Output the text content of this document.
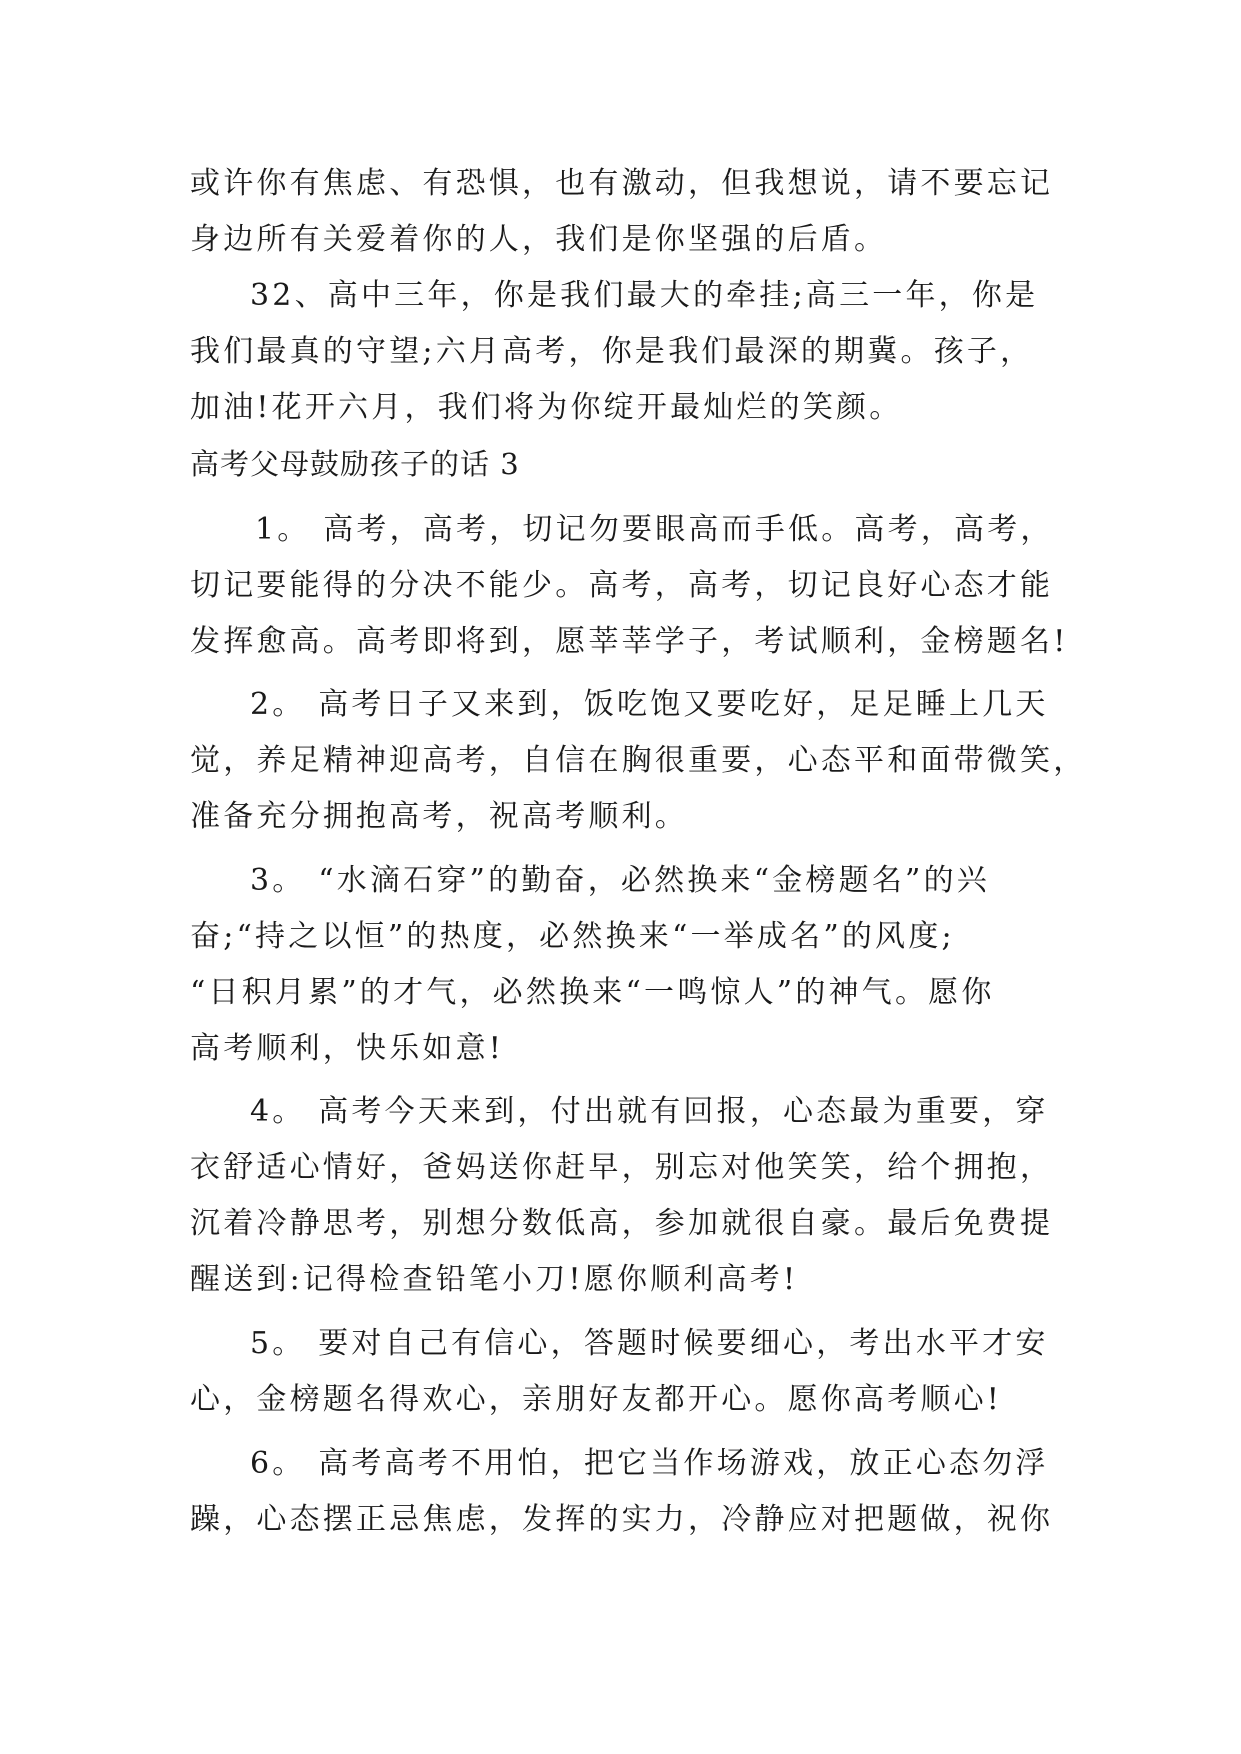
或许你有焦虑、有恐惧，也有激动，但我想说，请不要忘记
身边所有关爱着你的人，我们是你坚强的后盾。
32、高中三年，你是我们最大的牵挂;高三一年，你是
我们最真的守望;六月高考，你是我们最深的期冀。孩子，
加油!花开六月，我们将为你绽开最灿烂的笑颜。
高考父母鼓励孩子的话 3
1。 高考，高考，切记勿要眼高而手低。高考，高考，
切记要能得的分决不能少。高考，高考，切记良好心态才能
发挥愈高。高考即将到，愿莘莘学子，考试顺利，金榜题名!
2。 高考日子又来到，饭吃饱又要吃好，足足睡上几天
觉，养足精神迎高考，自信在胸很重要，心态平和面带微笑，
准备充分拥抱高考，祝高考顺利。
3。 “水滴石穿”的勤奋，必然换来“金榜题名”的兴
奋;“持之以恒”的热度，必然换来“一举成名”的风度;
“日积月累”的才气，必然换来“一鸣惊人”的神气。愿你
高考顺利，快乐如意!
4。 高考今天来到，付出就有回报，心态最为重要，穿
衣舒适心情好，爸妈送你赶早，别忘对他笑笑，给个拥抱，
沉着冷静思考，别想分数低高，参加就很自豪。最后免费提
醒送到:记得检查铅笔小刀!愿你顺利高考!
5。 要对自己有信心，答题时候要细心，考出水平才安
心，金榜题名得欢心，亲朋好友都开心。愿你高考顺心!
6。 高考高考不用怕，把它当作场游戏，放正心态勿浮
躁，心态摆正忌焦虑，发挥的实力，冷静应对把题做，祝你
